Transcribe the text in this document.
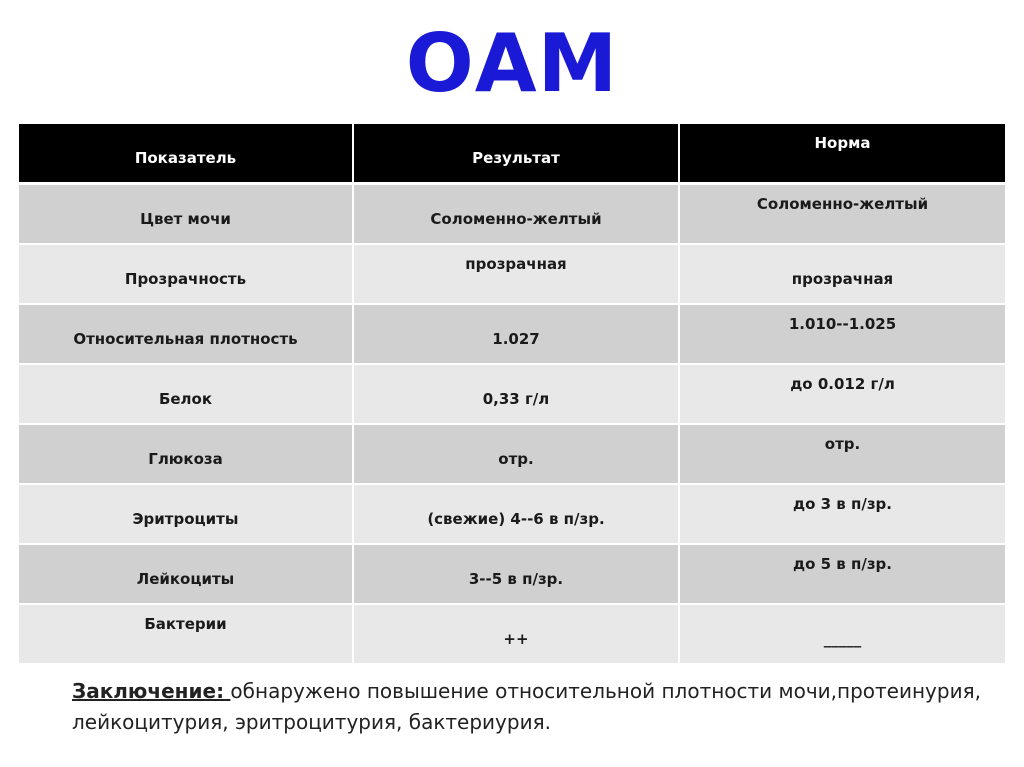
ОАМ
Показатель	Результат	Норма

Цвет мочи	Соломенно-желтый	Соломенно-желтый

Прозрачность	прозрачная	прозрачная

Относительная плотность	1.027	1.010--1.025

Белок	0,33 г/л	до 0.012 г/л

Глюкоза	отр.	отр.

Эритроциты	(свежие) 4--6 в п/зр.	до 3 в п/зр.

Лейкоциты	3--5 в п/зр.	до 5 в п/зр.

Бактерии	++	_____
Заключение: обнаружено повышение относительной плотности мочи,протеинурия, лейкоцитурия, эритроцитурия, бактериурия.
